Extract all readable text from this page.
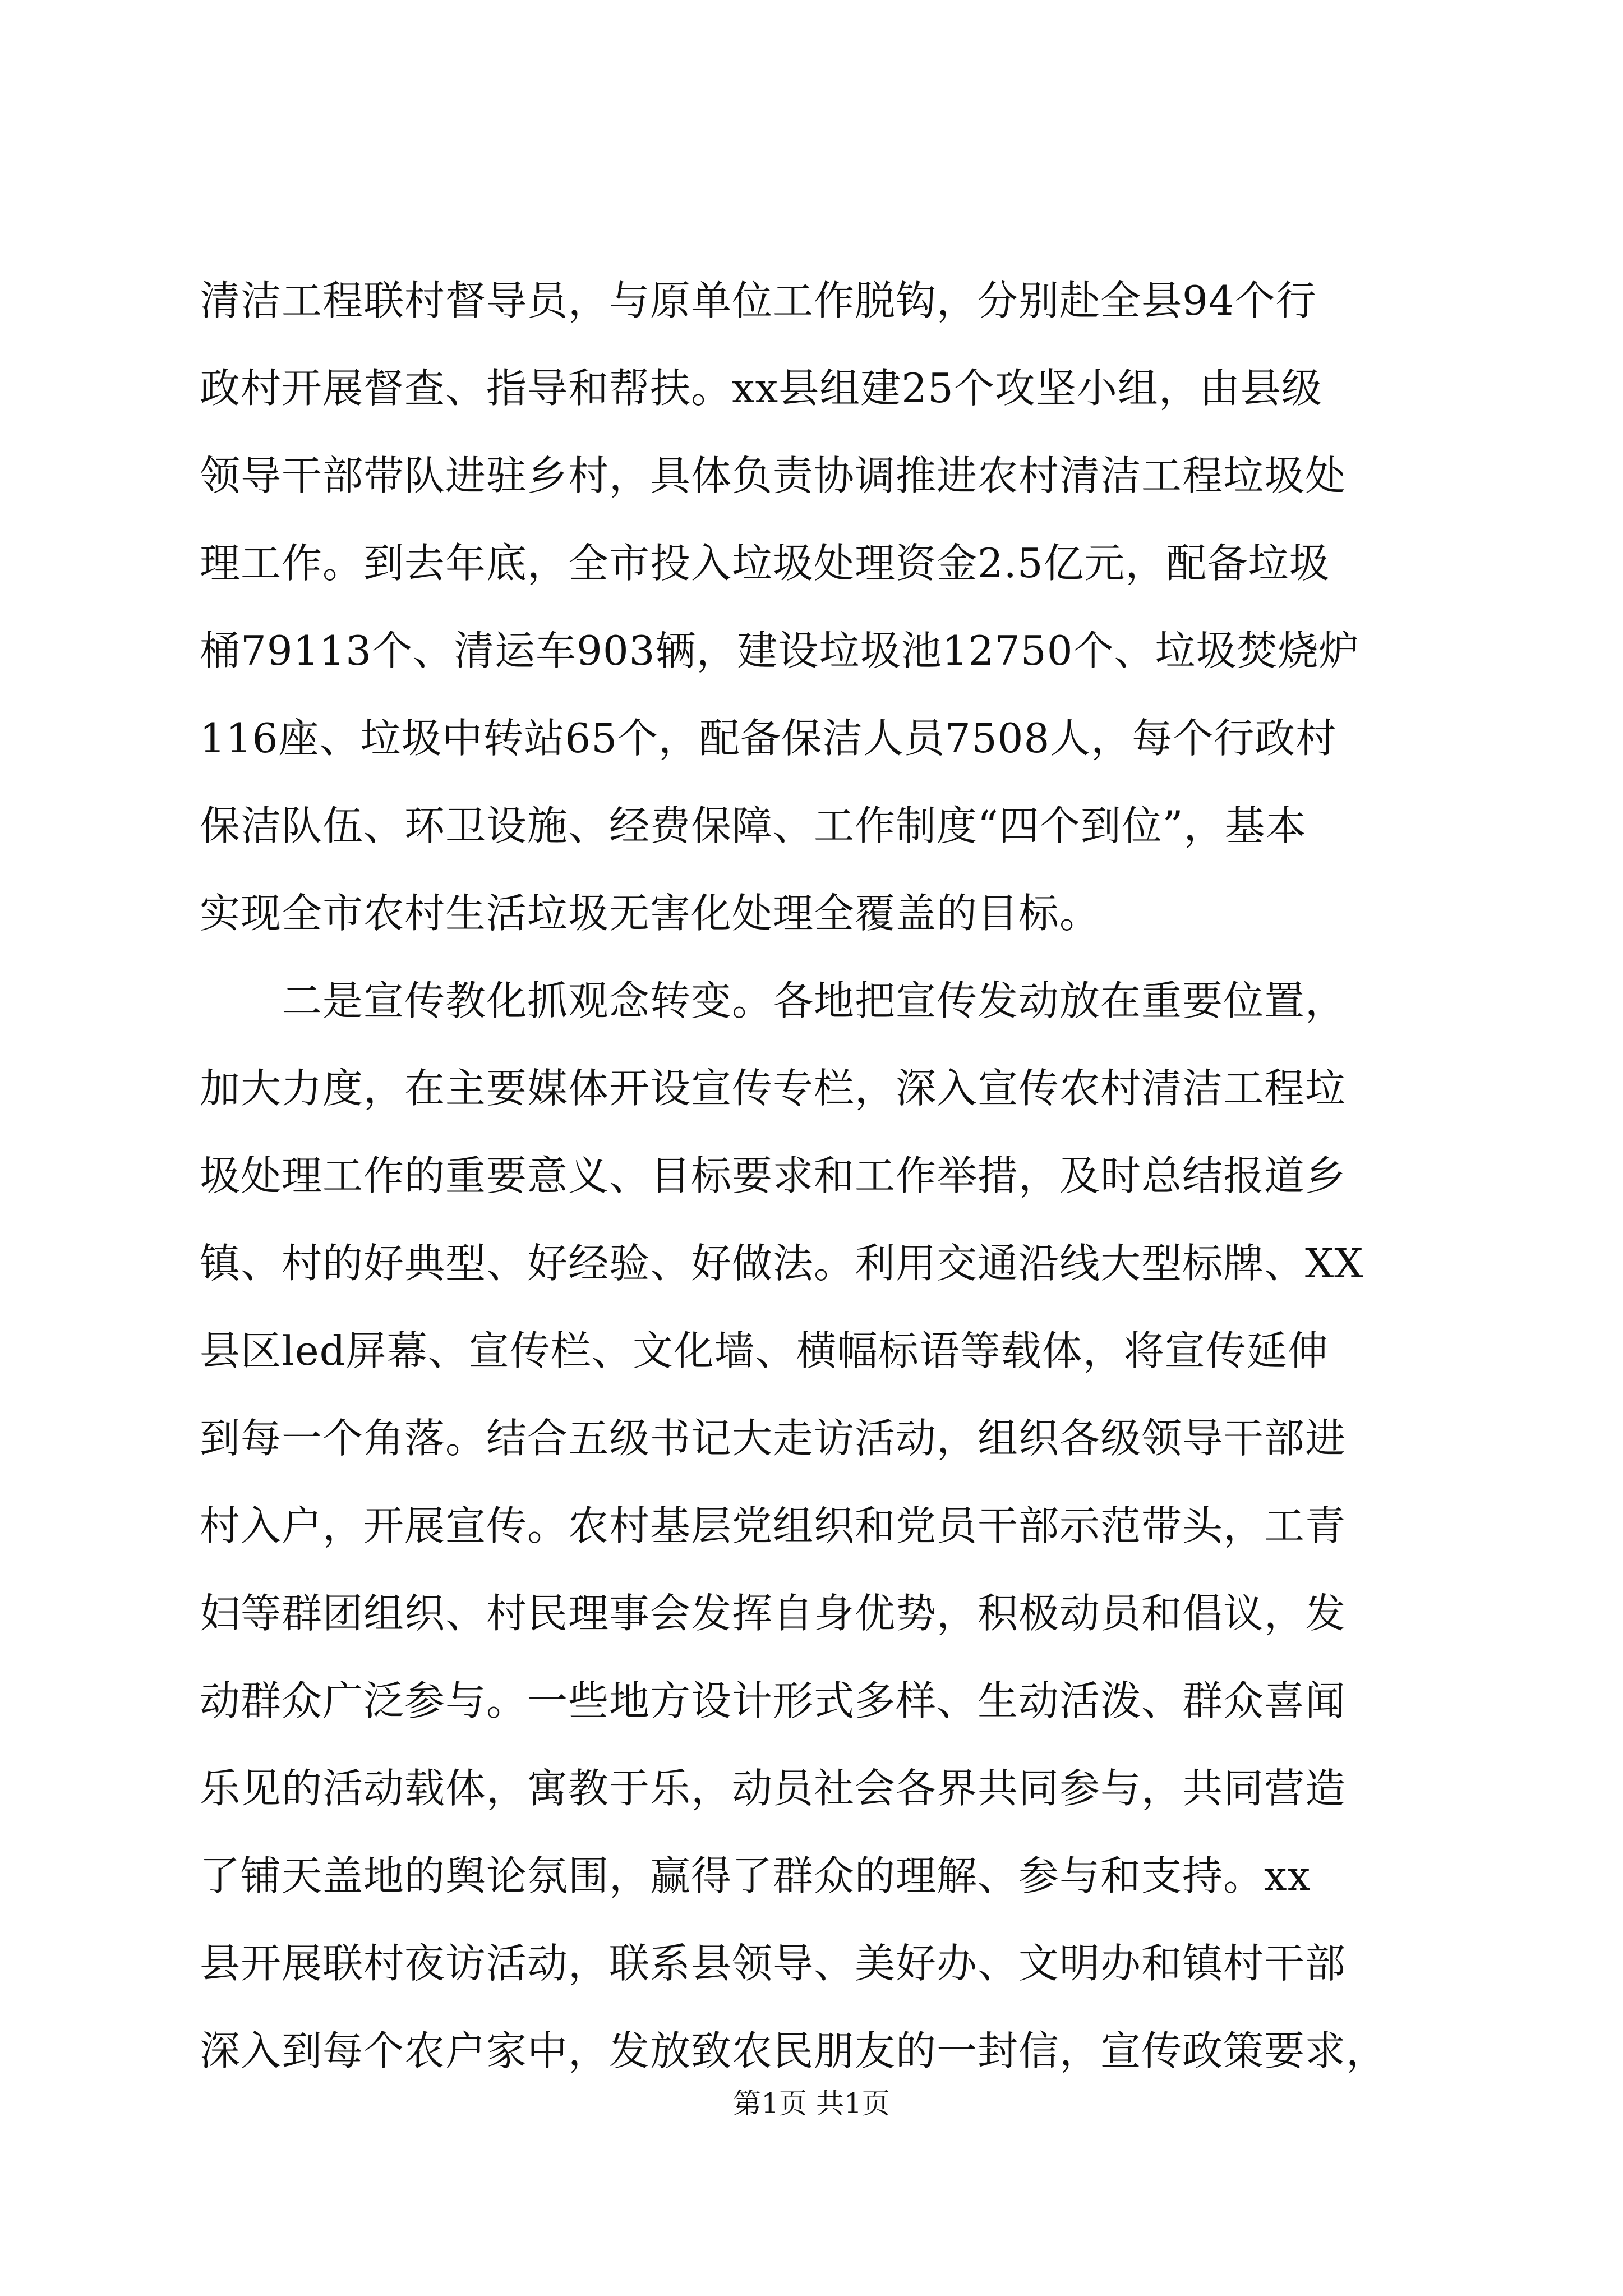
清洁工程联村督导员，与原单位工作脱钩，分别赴全县94个行
政村开展督查、指导和帮扶。xx县组建25个攻坚小组，由县级
领导干部带队进驻乡村，具体负责协调推进农村清洁工程垃圾处
理工作。到去年底，全市投入垃圾处理资金2.5亿元，配备垃圾
桶79113个、清运车903辆，建设垃圾池12750个、垃圾焚烧炉
116座、垃圾中转站65个，配备保洁人员7508人，每个行政村
保洁队伍、环卫设施、经费保障、工作制度“四个到位”，基本
实现全市农村生活垃圾无害化处理全覆盖的目标。
二是宣传教化抓观念转变。各地把宣传发动放在重要位置，
加大力度，在主要媒体开设宣传专栏，深入宣传农村清洁工程垃
圾处理工作的重要意义、目标要求和工作举措，及时总结报道乡
镇、村的好典型、好经验、好做法。利用交通沿线大型标牌、XX
县区led屏幕、宣传栏、文化墙、横幅标语等载体，将宣传延伸
到每一个角落。结合五级书记大走访活动，组织各级领导干部进
村入户，开展宣传。农村基层党组织和党员干部示范带头，工青
妇等群团组织、村民理事会发挥自身优势，积极动员和倡议，发
动群众广泛参与。一些地方设计形式多样、生动活泼、群众喜闻
乐见的活动载体，寓教于乐，动员社会各界共同参与，共同营造
了铺天盖地的舆论氛围，赢得了群众的理解、参与和支持。xx
县开展联村夜访活动，联系县领导、美好办、文明办和镇村干部
深入到每个农户家中，发放致农民朋友的一封信，宣传政策要求，
第1页 共1页
